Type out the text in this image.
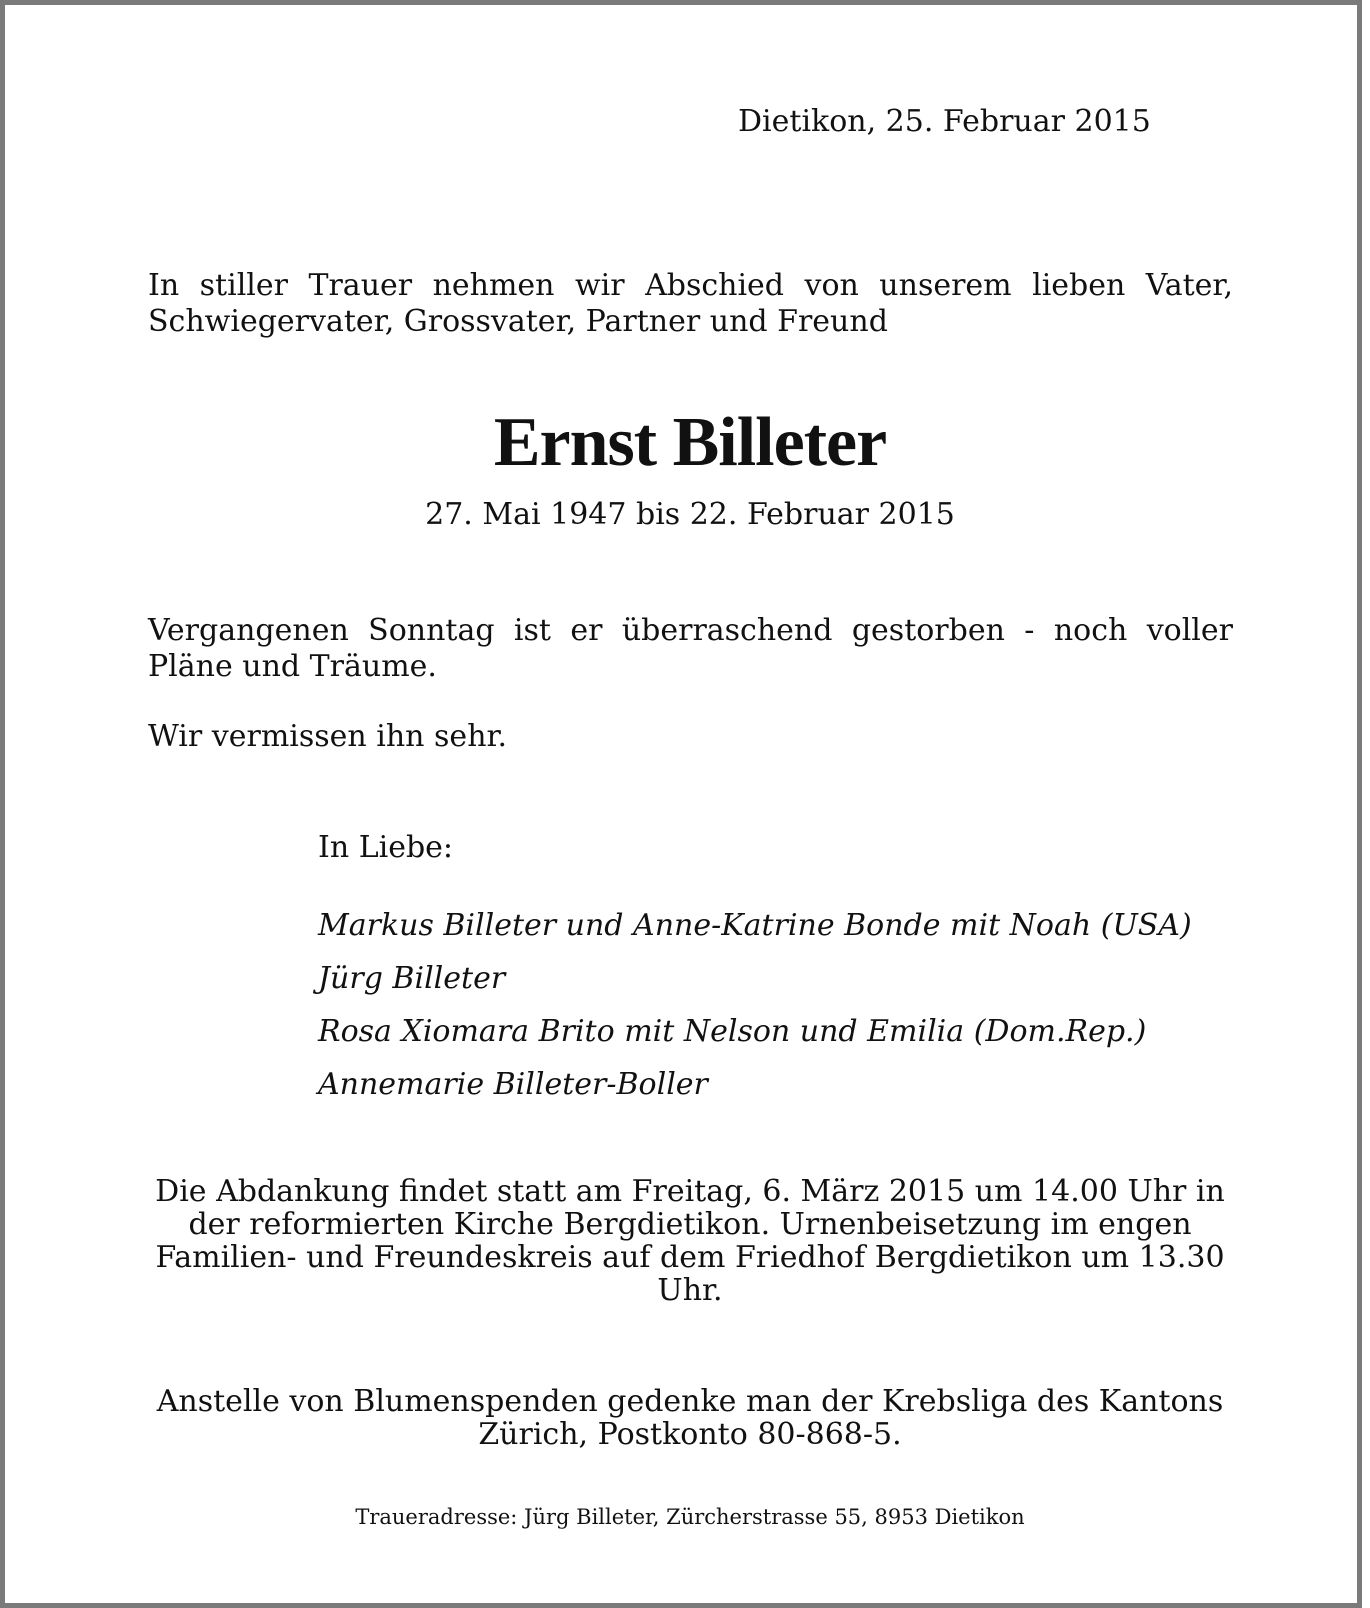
Dietikon, 25. Februar 2015
In stiller Trauer nehmen wir Abschied von unserem lieben Vater, Schwiegervater, Grossvater, Partner und Freund
Ernst Billeter
27. Mai 1947 bis 22. Februar 2015
Vergangenen Sonntag ist er überraschend gestorben - noch voller Pläne und Träume.
Wir vermissen ihn sehr.
In Liebe:
Markus Billeter und Anne-Katrine Bonde mit Noah (USA)
Jürg Billeter
Rosa Xiomara Brito mit Nelson und Emilia (Dom.Rep.)
Annemarie Billeter-Boller
Die Abdankung findet statt am Freitag, 6. März 2015 um 14.00 Uhr in der reformierten Kirche Bergdietikon. Urnenbeisetzung im engen Familien- und Freundeskreis auf dem Friedhof Bergdietikon um 13.30 Uhr.
Anstelle von Blumenspenden gedenke man der Krebsliga des Kantons Zürich, Postkonto 80-868-5.
Traueradresse: Jürg Billeter, Zürcherstrasse 55, 8953 Dietikon
